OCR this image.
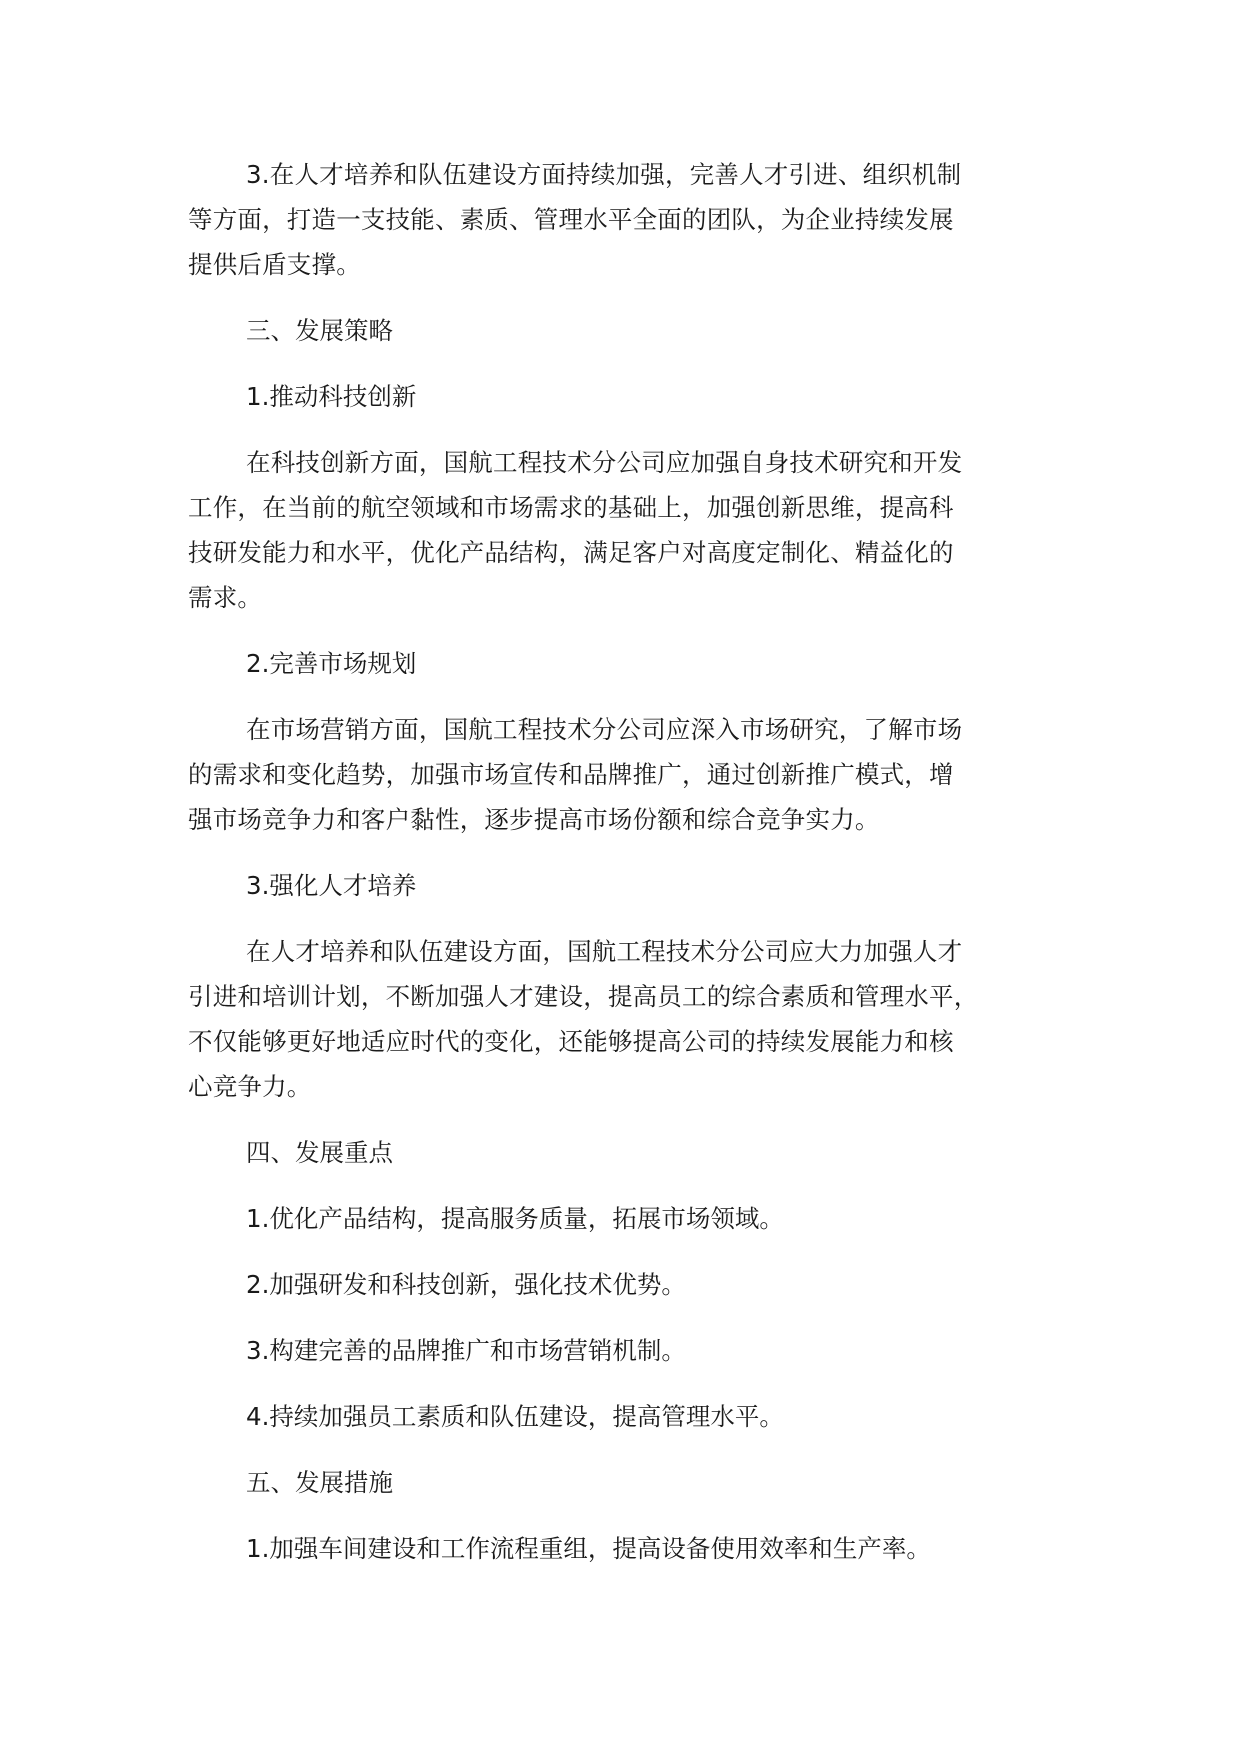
3.在人才培养和队伍建设方面持续加强，完善人才引进、组织机制
等方面，打造一支技能、素质、管理水平全面的团队，为企业持续发展
提供后盾支撑。
三、发展策略
1.推动科技创新
在科技创新方面，国航工程技术分公司应加强自身技术研究和开发
工作，在当前的航空领域和市场需求的基础上，加强创新思维，提高科
技研发能力和水平，优化产品结构，满足客户对高度定制化、精益化的
需求。
2.完善市场规划
在市场营销方面，国航工程技术分公司应深入市场研究，了解市场
的需求和变化趋势，加强市场宣传和品牌推广，通过创新推广模式，增
强市场竞争力和客户黏性，逐步提高市场份额和综合竞争实力。
3.强化人才培养
在人才培养和队伍建设方面，国航工程技术分公司应大力加强人才
引进和培训计划，不断加强人才建设，提高员工的综合素质和管理水平，
不仅能够更好地适应时代的变化，还能够提高公司的持续发展能力和核
心竞争力。
四、发展重点
1.优化产品结构，提高服务质量，拓展市场领域。
2.加强研发和科技创新，强化技术优势。
3.构建完善的品牌推广和市场营销机制。
4.持续加强员工素质和队伍建设，提高管理水平。
五、发展措施
1.加强车间建设和工作流程重组，提高设备使用效率和生产率。
